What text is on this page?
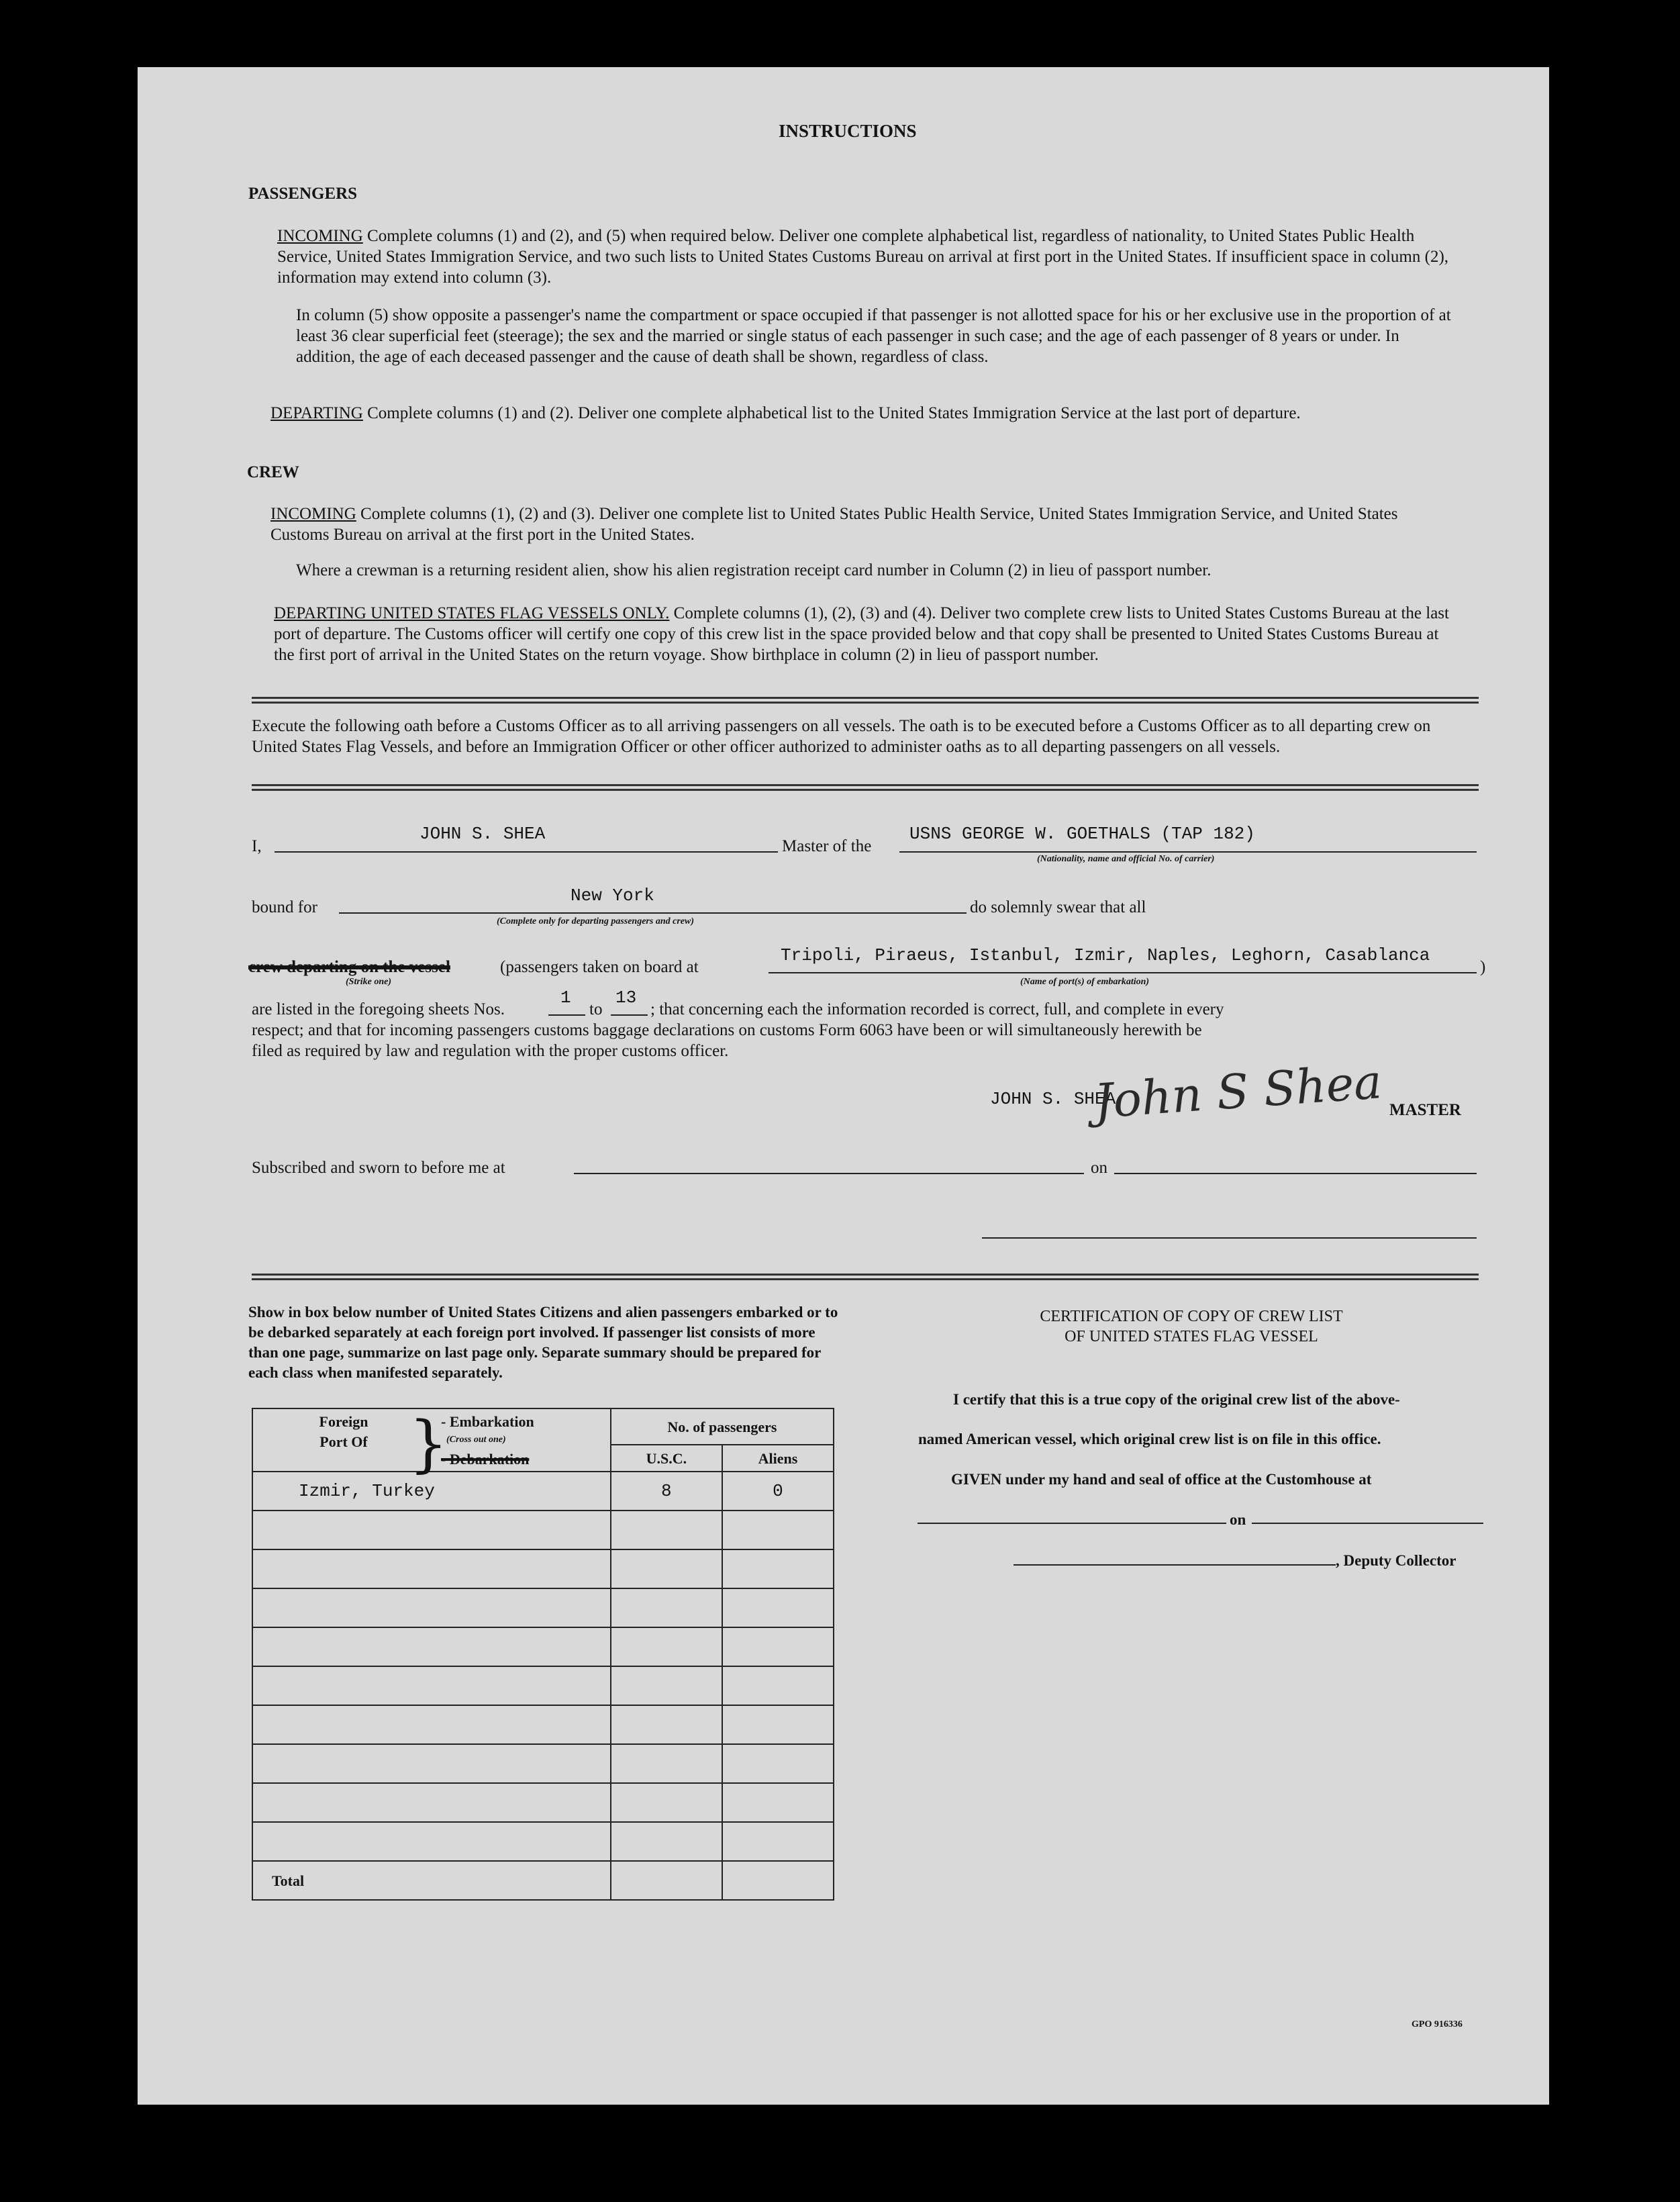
INSTRUCTIONS
PASSENGERS
INCOMING Complete columns (1) and (2), and (5) when required below. Deliver one complete alphabetical list, regardless of nationality, to United States Public Health Service, United States Immigration Service, and two such lists to United States Customs Bureau on arrival at first port in the United States. If insufficient space in column (2), information may extend into column (3).
In column (5) show opposite a passenger's name the compartment or space occupied if that passenger is not allotted space for his or her exclusive use in the proportion of at least 36 clear superficial feet (steerage); the sex and the married or single status of each passenger in such case; and the age of each passenger of 8 years or under. In addition, the age of each deceased passenger and the cause of death shall be shown, regardless of class.
DEPARTING Complete columns (1) and (2). Deliver one complete alphabetical list to the United States Immigration Service at the last port of departure.
CREW
INCOMING Complete columns (1), (2) and (3). Deliver one complete list to United States Public Health Service, United States Immigration Service, and United States Customs Bureau on arrival at the first port in the United States.
Where a crewman is a returning resident alien, show his alien registration receipt card number in Column (2) in lieu of passport number.
DEPARTING UNITED STATES FLAG VESSELS ONLY. Complete columns (1), (2), (3) and (4). Deliver two complete crew lists to United States Customs Bureau at the last port of departure. The Customs officer will certify one copy of this crew list in the space provided below and that copy shall be presented to United States Customs Bureau at the first port of arrival in the United States on the return voyage. Show birthplace in column (2) in lieu of passport number.
Execute the following oath before a Customs Officer as to all arriving passengers on all vessels. The oath is to be executed before a Customs Officer as to all departing crew on United States Flag Vessels, and before an Immigration Officer or other officer authorized to administer oaths as to all departing passengers on all vessels.
I,
JOHN S. SHEA
Master of the
USNS GEORGE W. GOETHALS (TAP 182)
(Nationality, name and official No. of carrier)
bound for
New York
(Complete only for departing passengers and crew)
do solemnly swear that all
crew departing on the vessel
(Strike one)
(passengers taken on board at
Tripoli, Piraeus, Istanbul, Izmir, Naples, Leghorn, Casablanca
)
(Name of port(s) of embarkation)
are listed in the foregoing sheets Nos.
1
to
13
; that concerning each the information recorded is correct, full, and complete in every
respect; and that for incoming passengers customs baggage declarations on customs Form 6063 have been or will simultaneously herewith be
filed as required by law and regulation with the proper customs officer.
JOHN S. SHEA
John S Shea MASTER
Subscribed and sworn to before me at	on
Show in box below number of United States Citizens and alien passengers embarked or to be debarked separately at each foreign port involved. If passenger list consists of more than one page, summarize on last page only. Separate summary should be prepared for each class when manifested separately.
Foreign Port Of }
- Embarkation
(Cross out one)
- Debarkation	No. of passengers	
	U.S.C.	Aliens
Izmir, Turkey	8	0

Total		
CERTIFICATION OF COPY OF CREW LIST
OF UNITED STATES FLAG VESSEL
I certify that this is a true copy of the original crew list of the above-
named American vessel, which original crew list is on file in this office.
GIVEN under my hand and seal of office at the Customhouse at
on
, Deputy Collector
GPO 916336
